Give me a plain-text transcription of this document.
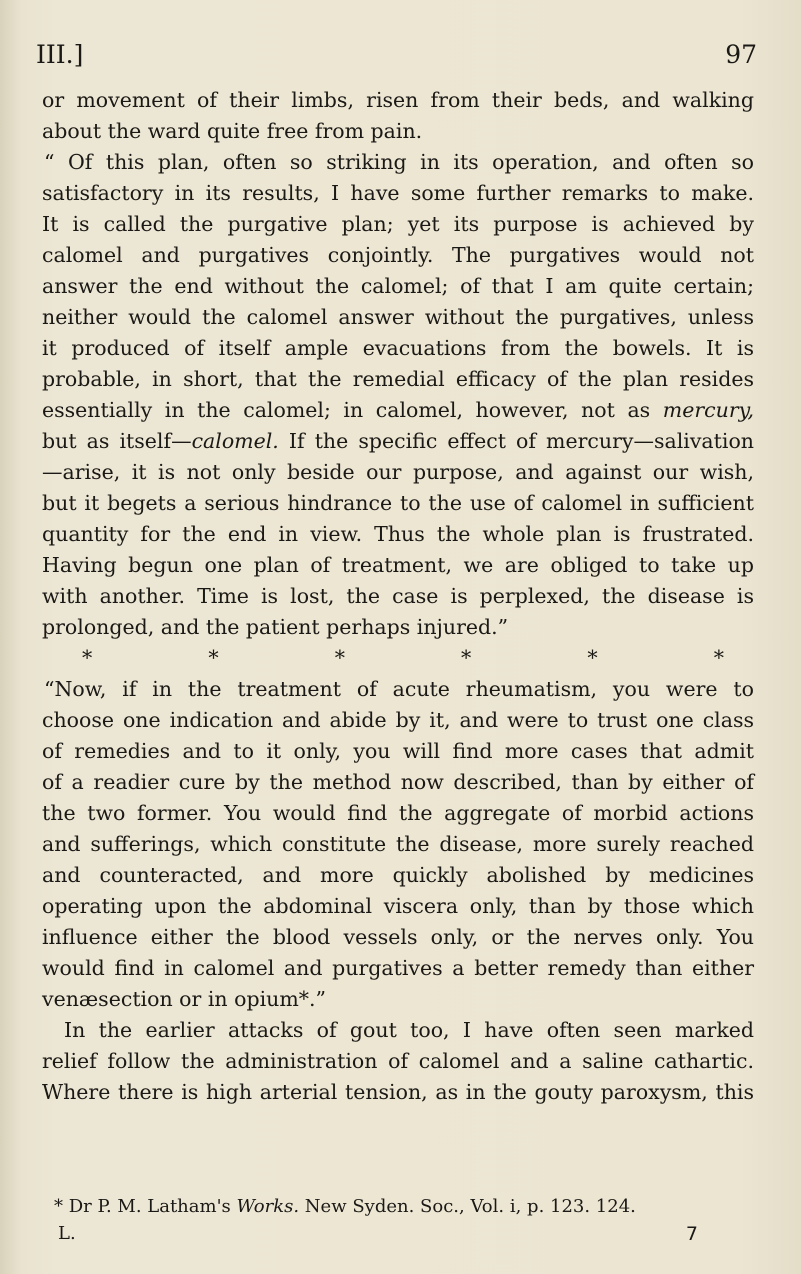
III.]	97
or movement of their limbs, risen from their beds, and walking
about the ward quite free from pain.
“ Of this plan, often so striking in its operation, and often so
satisfactory in its results, I have some further remarks to make.
It is called the purgative plan; yet its purpose is achieved by
calomel and purgatives conjointly. The purgatives would not
answer the end without the calomel; of that I am quite certain;
neither would the calomel answer without the purgatives, unless
it produced of itself ample evacuations from the bowels. It is
probable, in short, that the remedial efficacy of the plan resides
essentially in the calomel; in calomel, however, not as mercury,
but as itself—calomel. If the specific effect of mercury—salivation
—arise, it is not only beside our purpose, and against our wish,
but it begets a serious hindrance to the use of calomel in sufficient
quantity for the end in view. Thus the whole plan is frustrated.
Having begun one plan of treatment, we are obliged to take up
with another. Time is lost, the case is perplexed, the disease is
prolonged, and the patient perhaps injured.”
* * * * * *
“Now, if in the treatment of acute rheumatism, you were to
choose one indication and abide by it, and were to trust one class
of remedies and to it only, you will find more cases that admit
of a readier cure by the method now described, than by either of
the two former. You would find the aggregate of morbid actions
and sufferings, which constitute the disease, more surely reached
and counteracted, and more quickly abolished by medicines
operating upon the abdominal viscera only, than by those which
influence either the blood vessels only, or the nerves only. You
would find in calomel and purgatives a better remedy than either
venæsection or in opium*.”
In the earlier attacks of gout too, I have often seen marked
relief follow the administration of calomel and a saline cathartic.
Where there is high arterial tension, as in the gouty paroxysm, this
* Dr P. M. Latham's Works. New Syden. Soc., Vol. i, p. 123. 124.
L.	7
